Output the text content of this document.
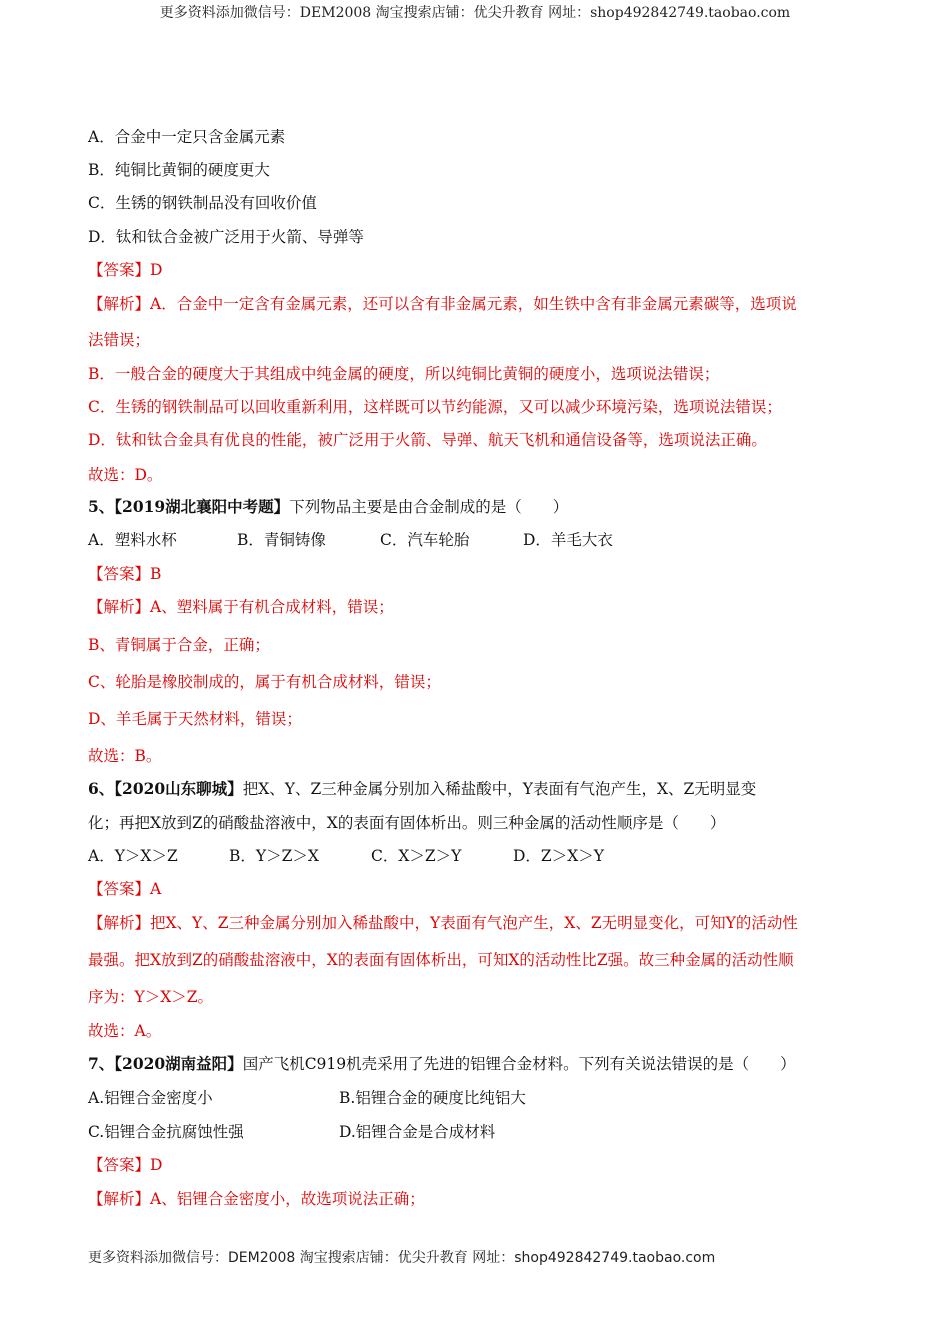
更多资料添加微信号：DEM2008 淘宝搜索店铺：优尖升教育 网址：shop492842749.taobao.com
A．合金中一定只含金属元素
B．纯铜比黄铜的硬度更大
C．生锈的钢铁制品没有回收价值
D．钛和钛合金被广泛用于火箭、导弹等
【答案】D
【解析】A．合金中一定含有金属元素，还可以含有非金属元素，如生铁中含有非金属元素碳等，选项说
法错误；
B．一般合金的硬度大于其组成中纯金属的硬度，所以纯铜比黄铜的硬度小，选项说法错误；
C．生锈的钢铁制品可以回收重新利用，这样既可以节约能源，又可以减少环境污染，选项说法错误；
D．钛和钛合金具有优良的性能，被广泛用于火箭、导弹、航天飞机和通信设备等，选项说法正确。
故选：D。
5、【2019湖北襄阳中考题】下列物品主要是由合金制成的是（　　）
A．塑料水杯	B．青铜铸像	C．汽车轮胎	D．羊毛大衣
【答案】B
【解析】A、塑料属于有机合成材料，错误；
B、青铜属于合金，正确；
C、轮胎是橡胶制成的，属于有机合成材料，错误；
D、羊毛属于天然材料，错误；
故选：B。
6、【2020山东聊城】把X、Y、Z三种金属分别加入稀盐酸中，Y表面有气泡产生，X、Z无明显变
化；再把X放到Z的硝酸盐溶液中，X的表面有固体析出。则三种金属的活动性顺序是（　　）
A．Y＞X＞Z	B．Y＞Z＞X	C．X＞Z＞Y	D．Z＞X＞Y
【答案】A
【解析】把X、Y、Z三种金属分别加入稀盐酸中，Y表面有气泡产生，X、Z无明显变化，可知Y的活动性
最强。把X放到Z的硝酸盐溶液中，X的表面有固体析出，可知X的活动性比Z强。故三种金属的活动性顺
序为：Y＞X＞Z。
故选：A。
7、【2020湖南益阳】国产飞机C919机壳采用了先进的铝锂合金材料。下列有关说法错误的是（　　）
A.铝锂合金密度小	B.铝锂合金的硬度比纯铝大
C.铝锂合金抗腐蚀性强	D.铝锂合金是合成材料
【答案】D
【解析】A、铝锂合金密度小，故选项说法正确；
更多资料添加微信号：DEM2008 淘宝搜索店铺：优尖升教育 网址：shop492842749.taobao.com
